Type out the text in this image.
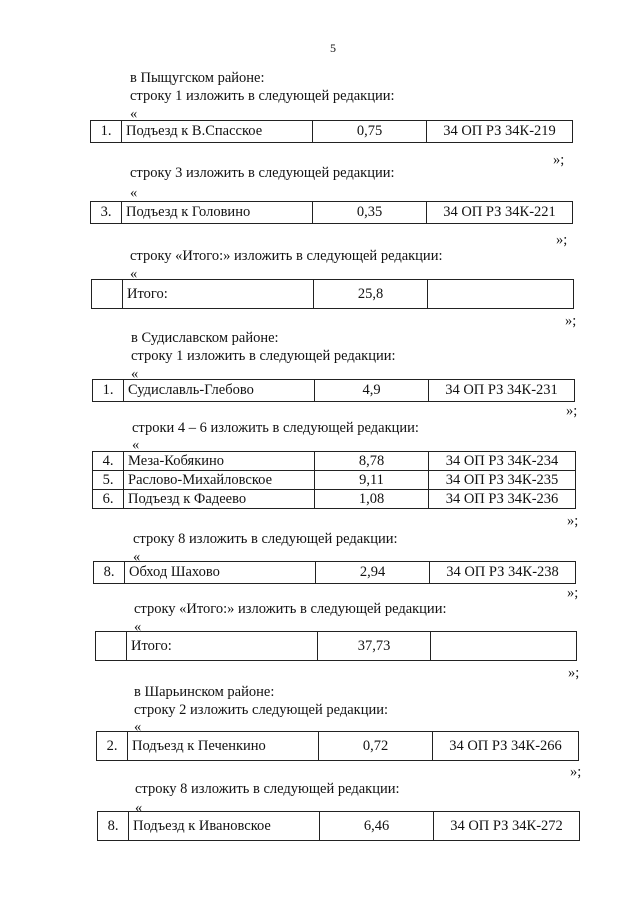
5
в Пыщугском районе:
строку 1 изложить в следующей редакции:
«
1.	Подъезд к В.Спасское	0,75	34 ОП РЗ 34К-219
»;
строку 3 изложить в следующей редакции:
«
3.	Подъезд к Головино	0,35	34 ОП РЗ 34К-221
»;
строку «Итого:» изложить в следующей редакции:
«
	Итого:	25,8	
»;
в Судиславском районе:
строку 1 изложить в следующей редакции:
«
1.	Судиславль-Глебово	4,9	34 ОП РЗ 34К-231
»;
строки 4 – 6 изложить в следующей редакции:
«
4.	Меза-Кобякино	8,78	34 ОП РЗ 34К-234
5.	Раслово-Михайловское	9,11	34 ОП РЗ 34К-235
6.	Подъезд к Фадеево	1,08	34 ОП РЗ 34К-236
»;
строку 8 изложить в следующей редакции:
«
8.	Обход Шахово	2,94	34 ОП РЗ 34К-238
»;
строку «Итого:» изложить в следующей редакции:
«
	Итого:	37,73	
»;
в Шарьинском районе:
строку 2 изложить следующей редакции:
«
2.	Подъезд к Печенкино	0,72	34 ОП РЗ 34К-266
»;
строку 8 изложить в следующей редакции:
«
8.	Подъезд к Ивановское	6,46	34 ОП РЗ 34К-272
